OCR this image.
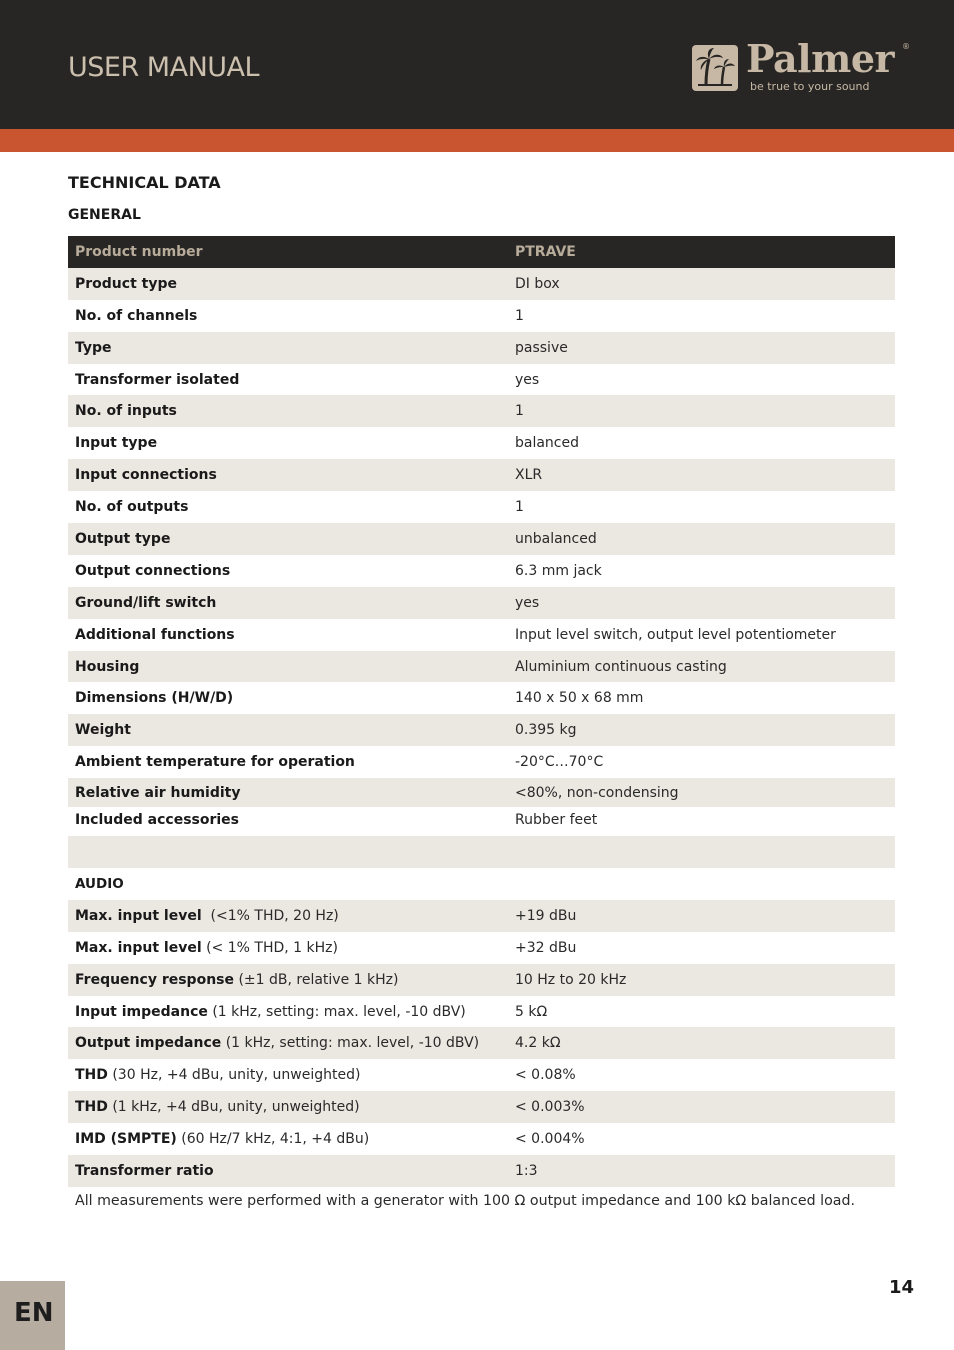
USER MANUAL	Palmer ®
be true to your sound
TECHNICAL DATA
GENERAL
Product number	PTRAVE
Product type	DI box
No. of channels	1
Type	passive
Transformer isolated	yes
No. of inputs	1
Input type	balanced
Input connections	XLR
No. of outputs	1
Output type	unbalanced
Output connections	6.3 mm jack
Ground/lift switch	yes
Additional functions	Input level switch, output level potentiometer
Housing	Aluminium continuous casting
Dimensions (H/W/D)	140 x 50 x 68 mm
Weight	0.395 kg
Ambient temperature for operation	-20°C…70°C
Relative air humidity	<80%, non-condensing
Included accessories	Rubber feet
AUDIO
Max. input level (<1% THD, 20 Hz)	+19 dBu
Max. input level (< 1% THD, 1 kHz)	+32 dBu
Frequency response (±1 dB, relative 1 kHz)	10 Hz to 20 kHz
Input impedance (1 kHz, setting: max. level, -10 dBV)	5 kΩ
Output impedance (1 kHz, setting: max. level, -10 dBV)	4.2 kΩ
THD (30 Hz, +4 dBu, unity, unweighted)	< 0.08%
THD (1 kHz, +4 dBu, unity, unweighted)	< 0.003%
IMD (SMPTE) (60 Hz/7 kHz, 4:1, +4 dBu)	< 0.004%
Transformer ratio	1:3
All measurements were performed with a generator with 100 Ω output impedance and 100 kΩ balanced load.
14
EN
